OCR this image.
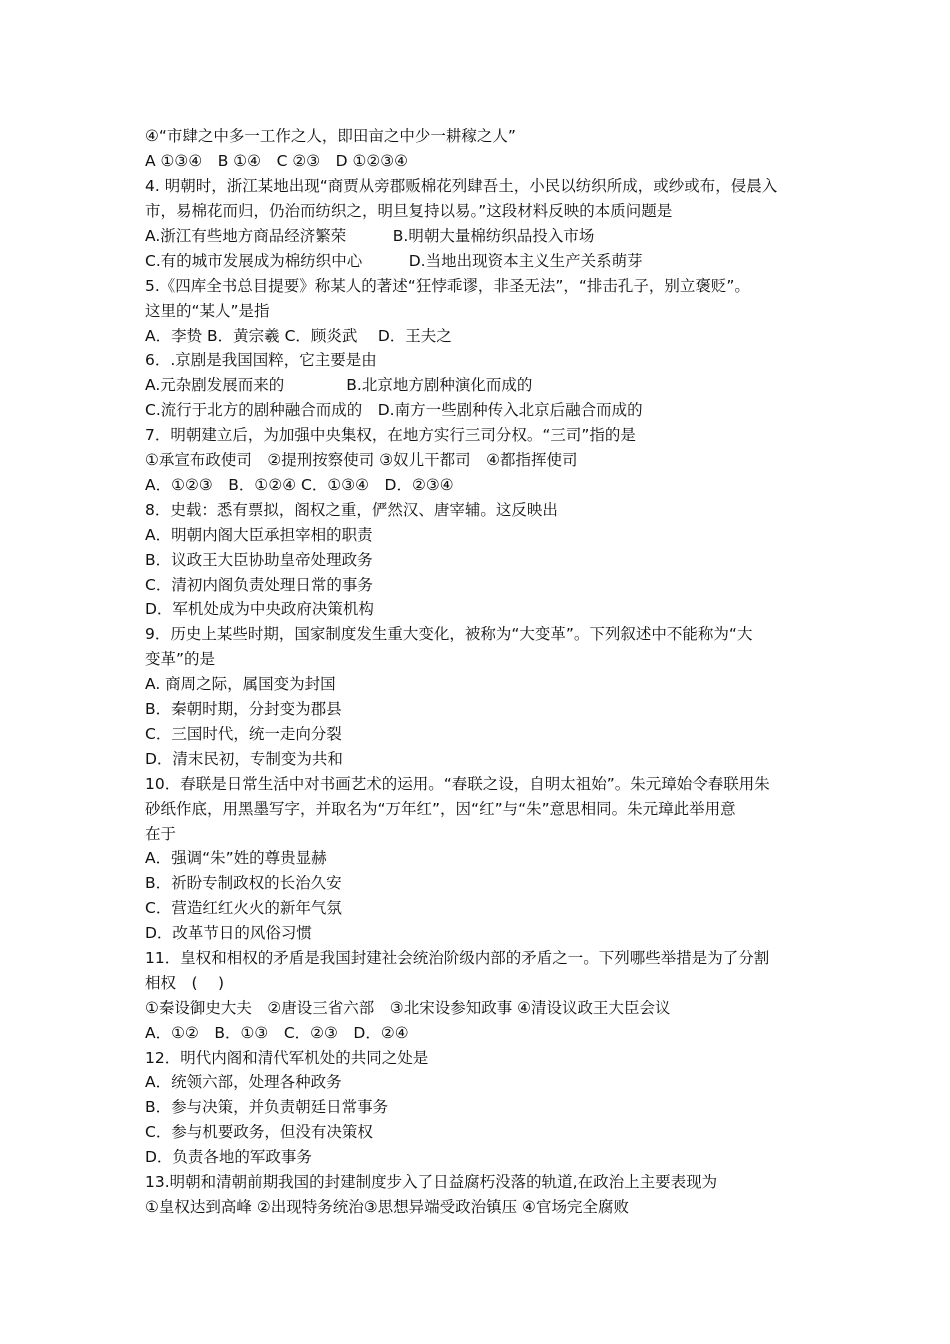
④“市肆之中多一工作之人，即田亩之中少一耕稼之人”
A ①③④　B ①④　C ②③　D ①②③④
4. 明朝时，浙江某地出现“商贾从旁郡贩棉花列肆吾土，小民以纺织所成，或纱或布，侵晨入
市，易棉花而归，仍治而纺织之，明旦复持以易。”这段材料反映的本质问题是
A.浙江有些地方商品经济繁荣　　　B.明朝大量棉纺织品投入市场
C.有的城市发展成为棉纺织中心　　　D.当地出现资本主义生产关系萌芽
5.《四库全书总目提要》称某人的著述“狂悖乖谬，非圣无法”，“排击孔子，别立褒贬”。
这里的“某人”是指
A．李贽 B．黄宗羲 C．顾炎武　 D．王夫之
6．.京剧是我国国粹，它主要是由
A.元杂剧发展而来的　　　　B.北京地方剧种演化而成的
C.流行于北方的剧种融合而成的　D.南方一些剧种传入北京后融合而成的
7．明朝建立后，为加强中央集权，在地方实行三司分权。“三司”指的是
①承宣布政使司　②提刑按察使司 ③奴儿干都司　④都指挥使司
A．①②③　B．①②④ C．①③④　D．②③④
8．史载：悉有票拟，阁权之重，俨然汉、唐宰辅。这反映出
A．明朝内阁大臣承担宰相的职责
B．议政王大臣协助皇帝处理政务
C．清初内阁负责处理日常的事务
D．军机处成为中央政府决策机构
9．历史上某些时期，国家制度发生重大变化，被称为“大变革”。下列叙述中不能称为“大
变革”的是
A. 商周之际，属国变为封国
B．秦朝时期，分封变为郡县
C．三国时代，统一走向分裂
D．清末民初，专制变为共和
10．春联是日常生活中对书画艺术的运用。“春联之设，自明太祖始”。朱元璋始令春联用朱
砂纸作底，用黑墨写字，并取名为“万年红”，因“红”与“朱”意思相同。朱元璋此举用意
在于
A．强调“朱”姓的尊贵显赫
B．祈盼专制政权的长治久安
C．营造红红火火的新年气氛
D．改革节日的风俗习惯
11．皇权和相权的矛盾是我国封建社会统治阶级内部的矛盾之一。下列哪些举措是为了分割
相权　( 　)
①秦设御史大夫　②唐设三省六部　③北宋设参知政事 ④清设议政王大臣会议
A．①②　B．①③　C．②③　D．②④
12．明代内阁和清代军机处的共同之处是
A．统领六部，处理各种政务
B．参与决策，并负责朝廷日常事务
C．参与机要政务，但没有决策权
D．负责各地的军政事务
13.明朝和清朝前期我国的封建制度步入了日益腐朽没落的轨道,在政治上主要表现为
①皇权达到高峰 ②出现特务统治③思想异端受政治镇压 ④官场完全腐败
